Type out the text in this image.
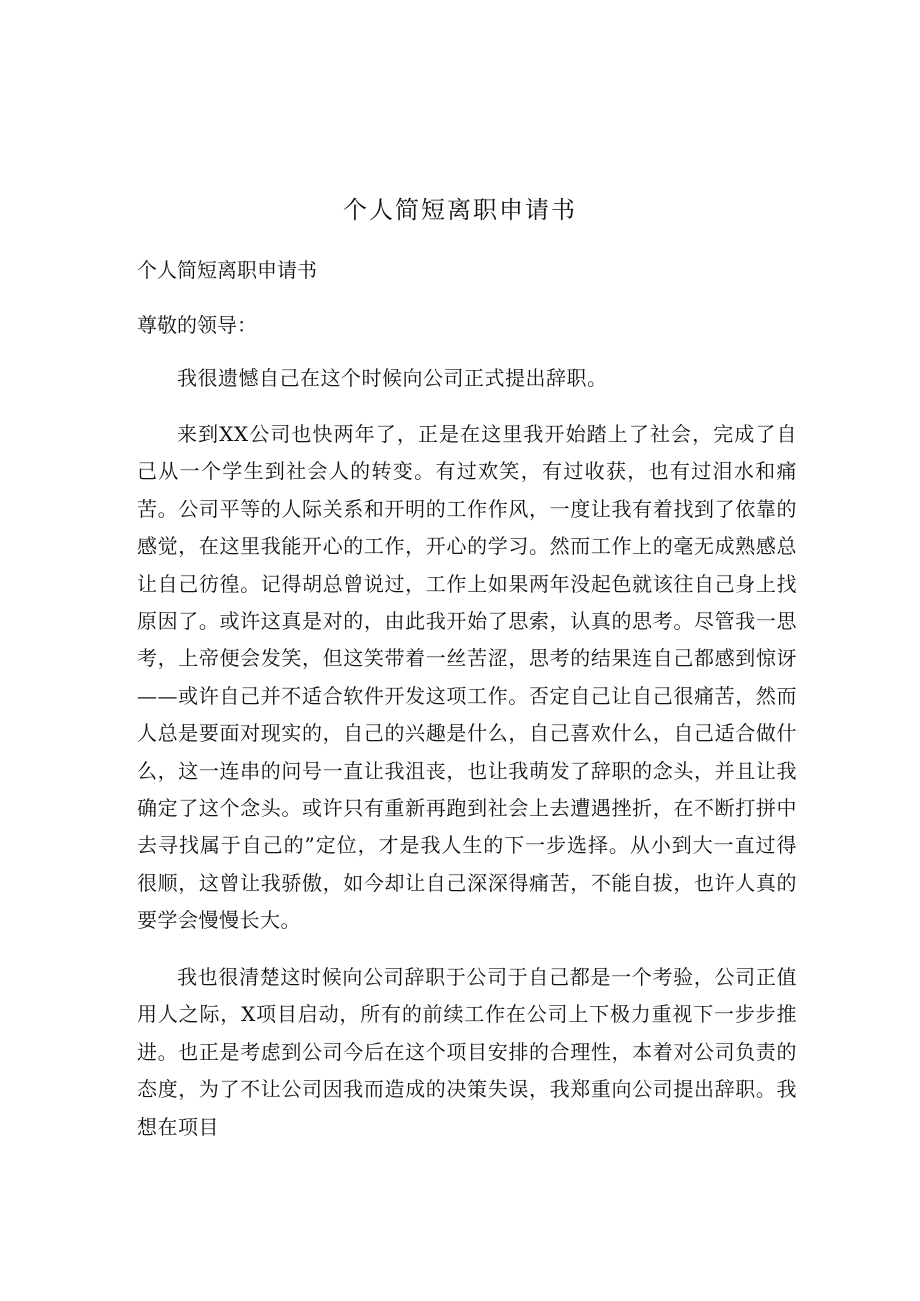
个人简短离职申请书

个人简短离职申请书

尊敬的领导：

我很遗憾自己在这个时候向公司正式提出辞职。

来到XX公司也快两年了，正是在这里我开始踏上了社会，完成了自己从一个学生到社会人的转变。有过欢笑，有过收获，也有过泪水和痛苦。公司平等的人际关系和开明的工作作风，一度让我有着找到了依靠的感觉，在这里我能开心的工作，开心的学习。然而工作上的毫无成熟感总让自己彷徨。记得胡总曾说过，工作上如果两年没起色就该往自己身上找原因了。或许这真是对的，由此我开始了思索，认真的思考。尽管我一思考，上帝便会发笑，但这笑带着一丝苦涩，思考的结果连自己都感到惊讶——或许自己并不适合软件开发这项工作。否定自己让自己很痛苦，然而人总是要面对现实的，自己的兴趣是什么，自己喜欢什么，自己适合做什么，这一连串的问号一直让我沮丧，也让我萌发了辞职的念头，并且让我确定了这个念头。或许只有重新再跑到社会上去遭遇挫折，在不断打拼中去寻找属于自己的”定位，才是我人生的下一步选择。从小到大一直过得很顺，这曾让我骄傲，如今却让自己深深得痛苦，不能自拔，也许人真的要学会慢慢长大。

我也很清楚这时候向公司辞职于公司于自己都是一个考验，公司正值用人之际，X项目启动，所有的前续工作在公司上下极力重视下一步步推进。也正是考虑到公司今后在这个项目安排的合理性，本着对公司负责的态度，为了不让公司因我而造成的决策失误，我郑重向公司提出辞职。我想在项目
